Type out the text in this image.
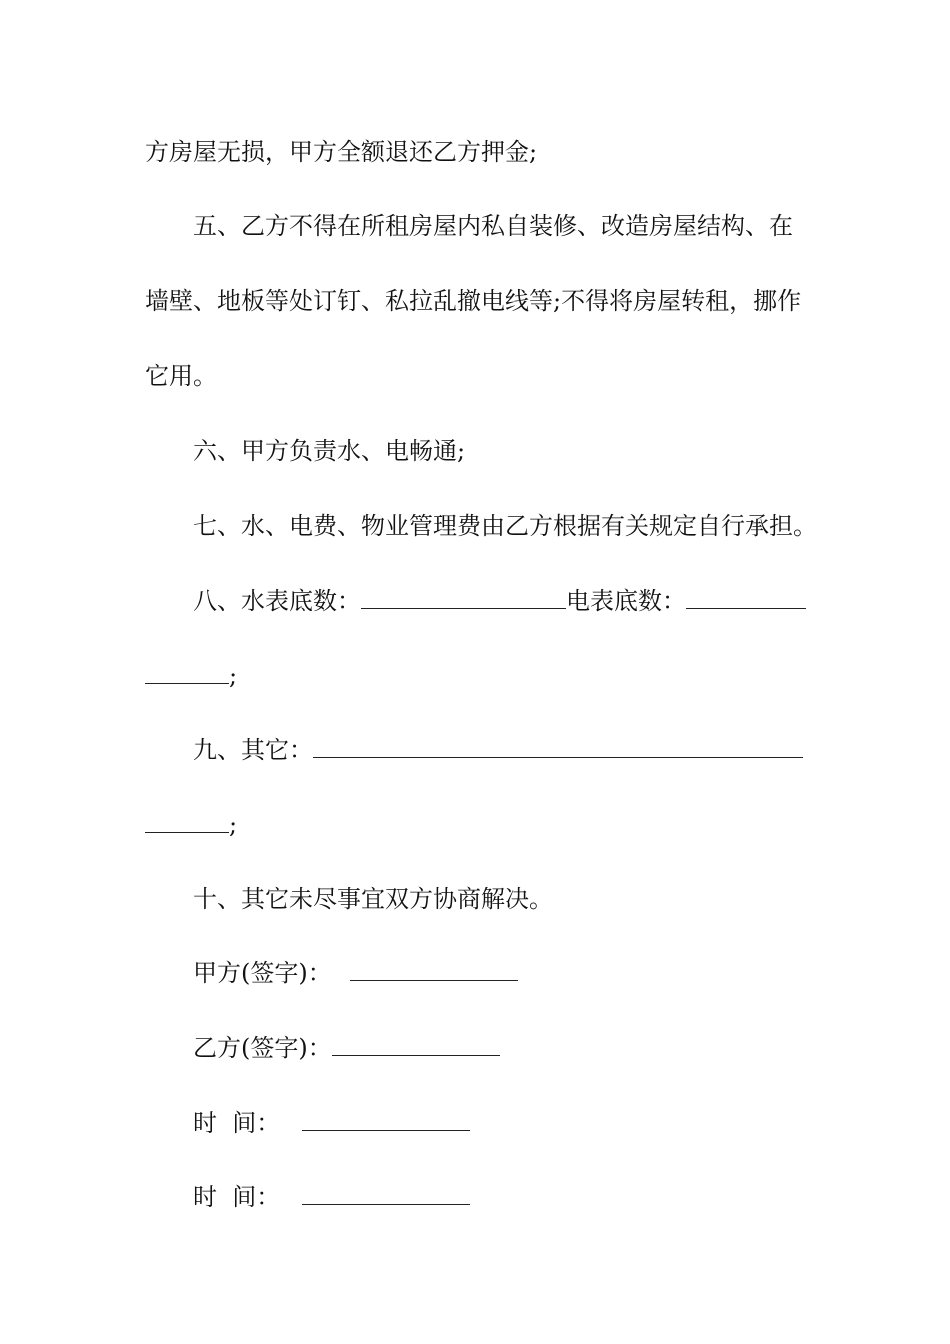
方房屋无损，甲方全额退还乙方押金;
五、乙方不得在所租房屋内私自装修、改造房屋结构、在
墙壁、地板等处订钉、私拉乱撤电线等;不得将房屋转租，挪作
它用。
六、甲方负责水、电畅通;
七、水、电费、物业管理费由乙方根据有关规定自行承担。
八、水表底数：	电表底数：
;
九、其它：
;
十、其它未尽事宜双方协商解决。
甲方(签字)：
乙方(签字)：
时  间：
时  间：
